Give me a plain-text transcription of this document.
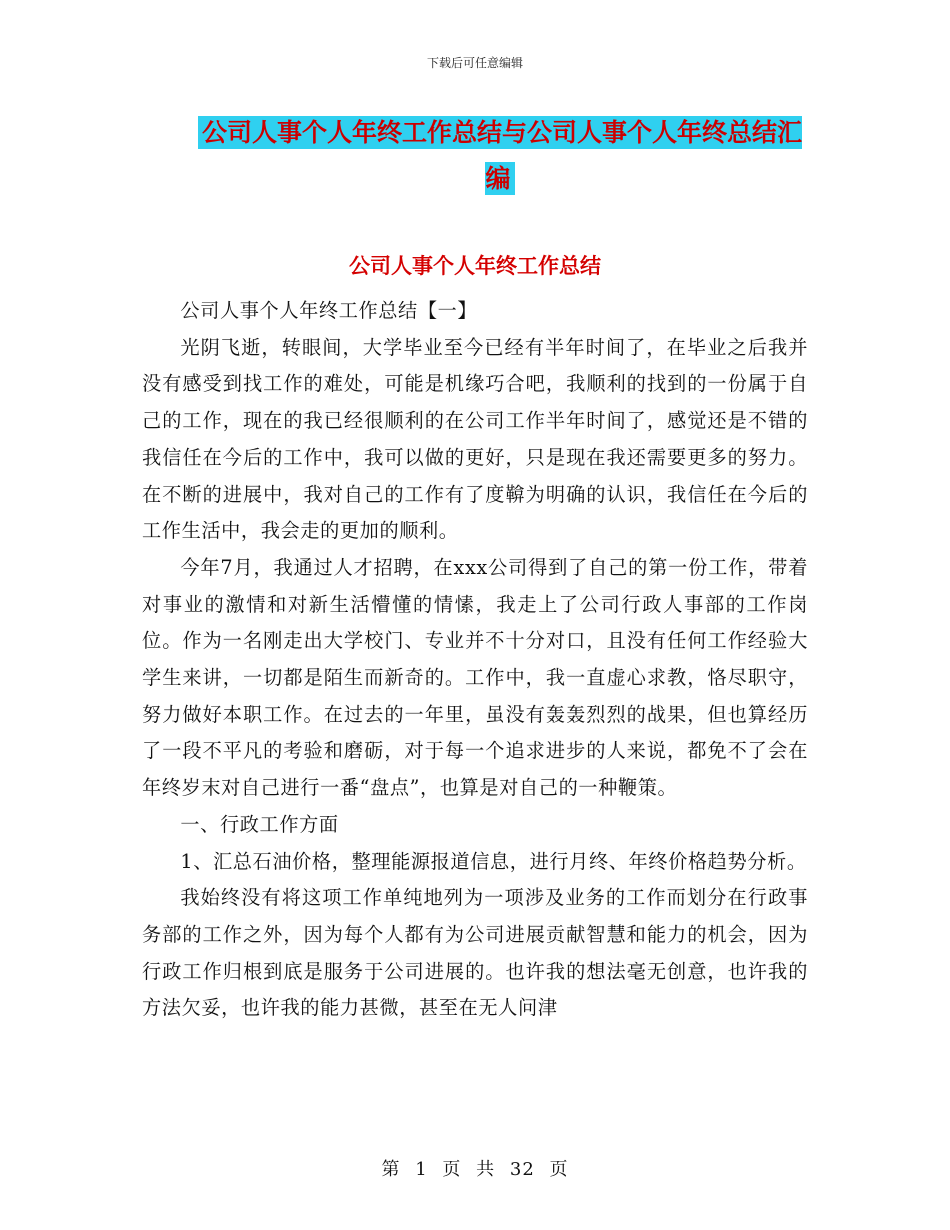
下载后可任意编辑
公司人事个人年终工作总结与公司人事个人年终总结汇编
公司人事个人年终工作总结

公司人事个人年终工作总结【一】

光阴飞逝，转眼间，大学毕业至今已经有半年时间了，在毕业之后我并没有感受到找工作的难处，可能是机缘巧合吧，我顺利的找到的一份属于自己的工作，现在的我已经很顺利的在公司工作半年时间了，感觉还是不错的我信任在今后的工作中，我可以做的更好，只是现在我还需要更多的努力。在不断的进展中，我对自己的工作有了度鞥为明确的认识，我信任在今后的工作生活中，我会走的更加的顺利。

今年7月，我通过人才招聘，在xxx公司得到了自己的第一份工作，带着对事业的激情和对新生活懵懂的情愫，我走上了公司行政人事部的工作岗位。作为一名刚走出大学校门、专业并不十分对口，且没有任何工作经验大学生来讲，一切都是陌生而新奇的。工作中，我一直虚心求教，恪尽职守，努力做好本职工作。在过去的一年里，虽没有轰轰烈烈的战果，但也算经历了一段不平凡的考验和磨砺，对于每一个追求进步的人来说，都免不了会在年终岁末对自己进行一番“盘点”，也算是对自己的一种鞭策。

一、行政工作方面

1、汇总石油价格，整理能源报道信息，进行月终、年终价格趋势分析。

我始终没有将这项工作单纯地列为一项涉及业务的工作而划分在行政事务部的工作之外，因为每个人都有为公司进展贡献智慧和能力的机会，因为行政工作归根到底是服务于公司进展的。也许我的想法毫无创意，也许我的方法欠妥，也许我的能力甚微，甚至在无人问津

第 1 页 共 32 页
